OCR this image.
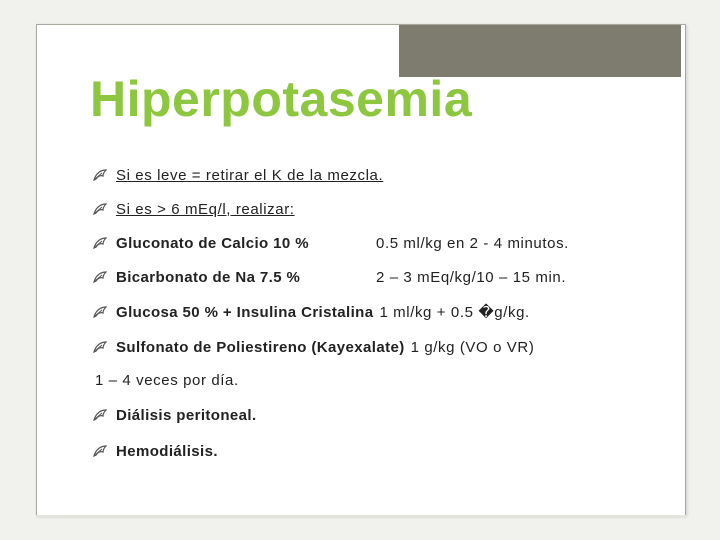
Hiperpotasemia
Si es leve = retirar el K de la mezcla.
Si es > 6 mEq/l, realizar:
Gluconato de Calcio 10 %	0.5 ml/kg en 2 - 4 minutos.
Bicarbonato de Na 7.5 %	2 – 3 mEq/kg/10 – 15 min.
Glucosa 50 % + Insulina Cristalina 1 ml/kg + 0.5 �g/kg.
Sulfonato de Poliestireno (Kayexalate) 1 g/kg (VO o VR)
1 – 4 veces por día.
Diálisis peritoneal.
Hemodiálisis.
